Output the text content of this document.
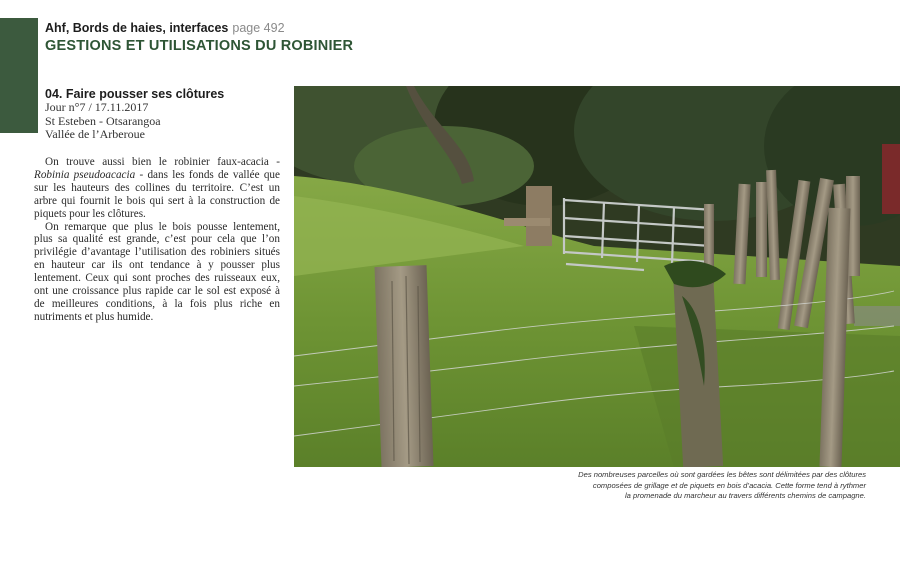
Ahf, Bords de haies, interfaces page 492
GESTIONS ET UTILISATIONS DU ROBINIER
04. Faire pousser ses clôtures
Jour n°7 / 17.11.2017
St Esteben - Otsarangoa
Vallée de l’Arberoue

On trouve aussi bien le robinier faux-acacia - Robinia pseudoacacia - dans les fonds de vallée que sur les hauteurs des collines du territoire. C’est un arbre qui fournit le bois qui sert à la construction de piquets pour les clôtures.

On remarque que plus le bois pousse lentement, plus sa qualité est grande, c’est pour cela que l’on privilégie d’avantage l’utilisation des robiniers situés en hauteur car ils ont tendance à y pousser plus lentement. Ceux qui sont proches des ruisseaux eux, ont une croissance plus rapide car le sol est exposé à de meilleures conditions, à la fois plus riche en nutriments et plus humide.

Des nombreuses parcelles où sont gardées les bêtes sont délimitées par des clôtures
composées de grillage et de piquets en bois d’acacia. Cette forme tend à rythmer
la promenade du marcheur au travers différents chemins de campagne.
